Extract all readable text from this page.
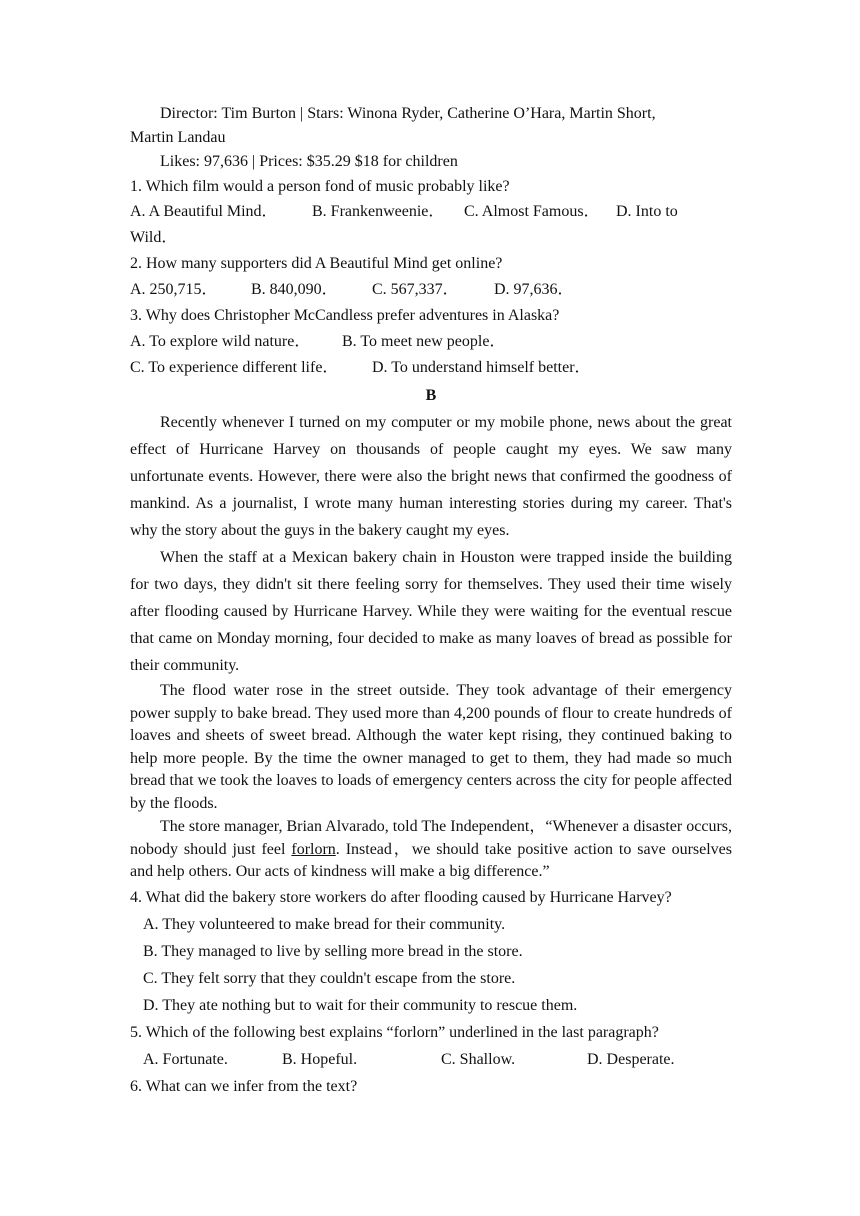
Director: Tim Burton | Stars: Winona Ryder, Catherine O’Hara, Martin Short,
Martin Landau
Likes: 97,636 | Prices: $35.29 $18 for children
1. Which film would a person fond of music probably like?
A. A Beautiful Mind．	B. Frankenweenie．	C. Almost Famous．	D. Into to
Wild．
2. How many supporters did A Beautiful Mind get online?
A. 250,715．	B. 840,090．	C. 567,337．	D. 97,636．
3. Why does Christopher McCandless prefer adventures in Alaska?
A. To explore wild nature．	B. To meet new people．
C. To experience different life．	D. To understand himself better．
B
Recently whenever I turned on my computer or my mobile phone, news about the great effect of Hurricane Harvey on thousands of people caught my eyes. We saw many unfortunate events. However, there were also the bright news that confirmed the goodness of mankind. As a journalist, I wrote many human interesting stories during my career. That's why the story about the guys in the bakery caught my eyes.
When the staff at a Mexican bakery chain in Houston were trapped inside the building for two days, they didn't sit there feeling sorry for themselves. They used their time wisely after flooding caused by Hurricane Harvey. While they were waiting for the eventual rescue that came on Monday morning, four decided to make as many loaves of bread as possible for their community.
The flood water rose in the street outside. They took advantage of their emergency power supply to bake bread. They used more than 4,200 pounds of flour to create hundreds of loaves and sheets of sweet bread. Although the water kept rising, they continued baking to help more people. By the time the owner managed to get to them, they had made so much bread that we took the loaves to loads of emergency centers across the city for people affected by the floods.
The store manager, Brian Alvarado, told The Independent，“Whenever a disaster occurs, nobody should just feel forlorn. Instead，we should take positive action to save ourselves and help others. Our acts of kindness will make a big difference.”
4. What did the bakery store workers do after flooding caused by Hurricane Harvey?
A. They volunteered to make bread for their community.
B. They managed to live by selling more bread in the store.
C. They felt sorry that they couldn't escape from the store.
D. They ate nothing but to wait for their community to rescue them.
5. Which of the following best explains “forlorn” underlined in the last paragraph?
A. Fortunate.	B. Hopeful.	C. Shallow.	D. Desperate.
6. What can we infer from the text?
